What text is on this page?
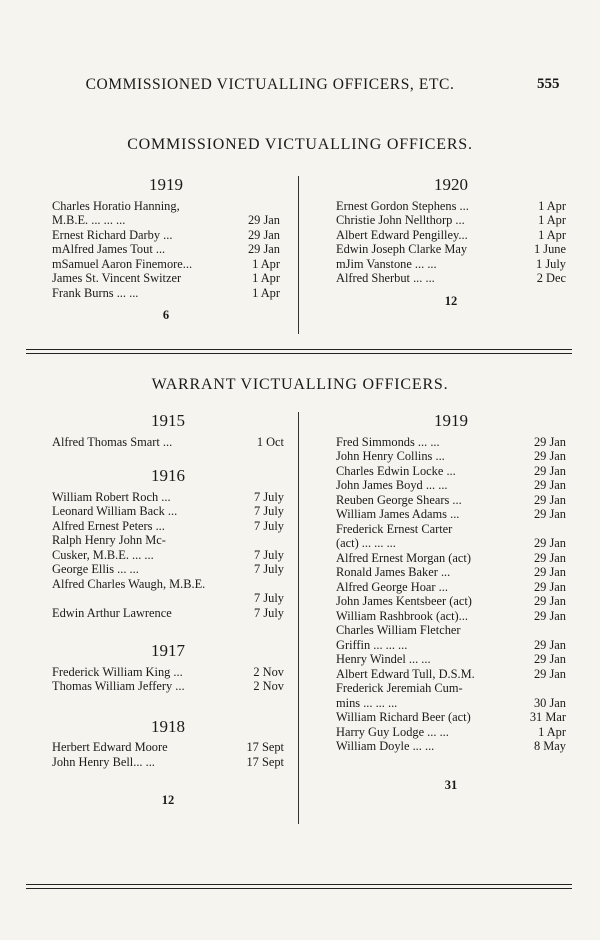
COMMISSIONED VICTUALLING OFFICERS, ETC.	555
COMMISSIONED VICTUALLING OFFICERS.
1919
Charles Horatio Hanning,
M.B.E. ... ... ...	29 Jan
Ernest Richard Darby ...	29 Jan
mAlfred James Tout ...	29 Jan
mSamuel Aaron Finemore...	1 Apr
James St. Vincent Switzer	1 Apr
Frank Burns ... ...	1 Apr
6
1920
Ernest Gordon Stephens ...	1 Apr
Christie John Nellthorp ...	1 Apr
Albert Edward Pengilley...	1 Apr
Edwin Joseph Clarke May	1 June
mJim Vanstone ... ...	1 July
Alfred Sherbut ... ...	2 Dec
12
WARRANT VICTUALLING OFFICERS.
1915
Alfred Thomas Smart ...	1 Oct
1916
William Robert Roch ...	7 July
Leonard William Back ...	7 July
Alfred Ernest Peters ...	7 July
Ralph Henry John Mc-
Cusker, M.B.E. ... ...	7 July
George Ellis ... ...	7 July
Alfred Charles Waugh, M.B.E.
7 July
Edwin Arthur Lawrence	7 July
1917
Frederick William King ...	2 Nov
Thomas William Jeffery ...	2 Nov
1918
Herbert Edward Moore	17 Sept
John Henry Bell... ...	17 Sept
12
1919
Fred Simmonds ... ...	29 Jan
John Henry Collins ...	29 Jan
Charles Edwin Locke ...	29 Jan
John James Boyd ... ...	29 Jan
Reuben George Shears ...	29 Jan
William James Adams ...	29 Jan
Frederick Ernest Carter
(act) ... ... ...	29 Jan
Alfred Ernest Morgan (act)	29 Jan
Ronald James Baker ...	29 Jan
Alfred George Hoar ...	29 Jan
John James Kentsbeer (act)	29 Jan
William Rashbrook (act)...	29 Jan
Charles William Fletcher
Griffin ... ... ...	29 Jan
Henry Windel ... ...	29 Jan
Albert Edward Tull, D.S.M.	29 Jan
Frederick Jeremiah Cum-
mins ... ... ...	30 Jan
William Richard Beer (act)	31 Mar
Harry Guy Lodge ... ...	1 Apr
William Doyle ... ...	8 May
31
